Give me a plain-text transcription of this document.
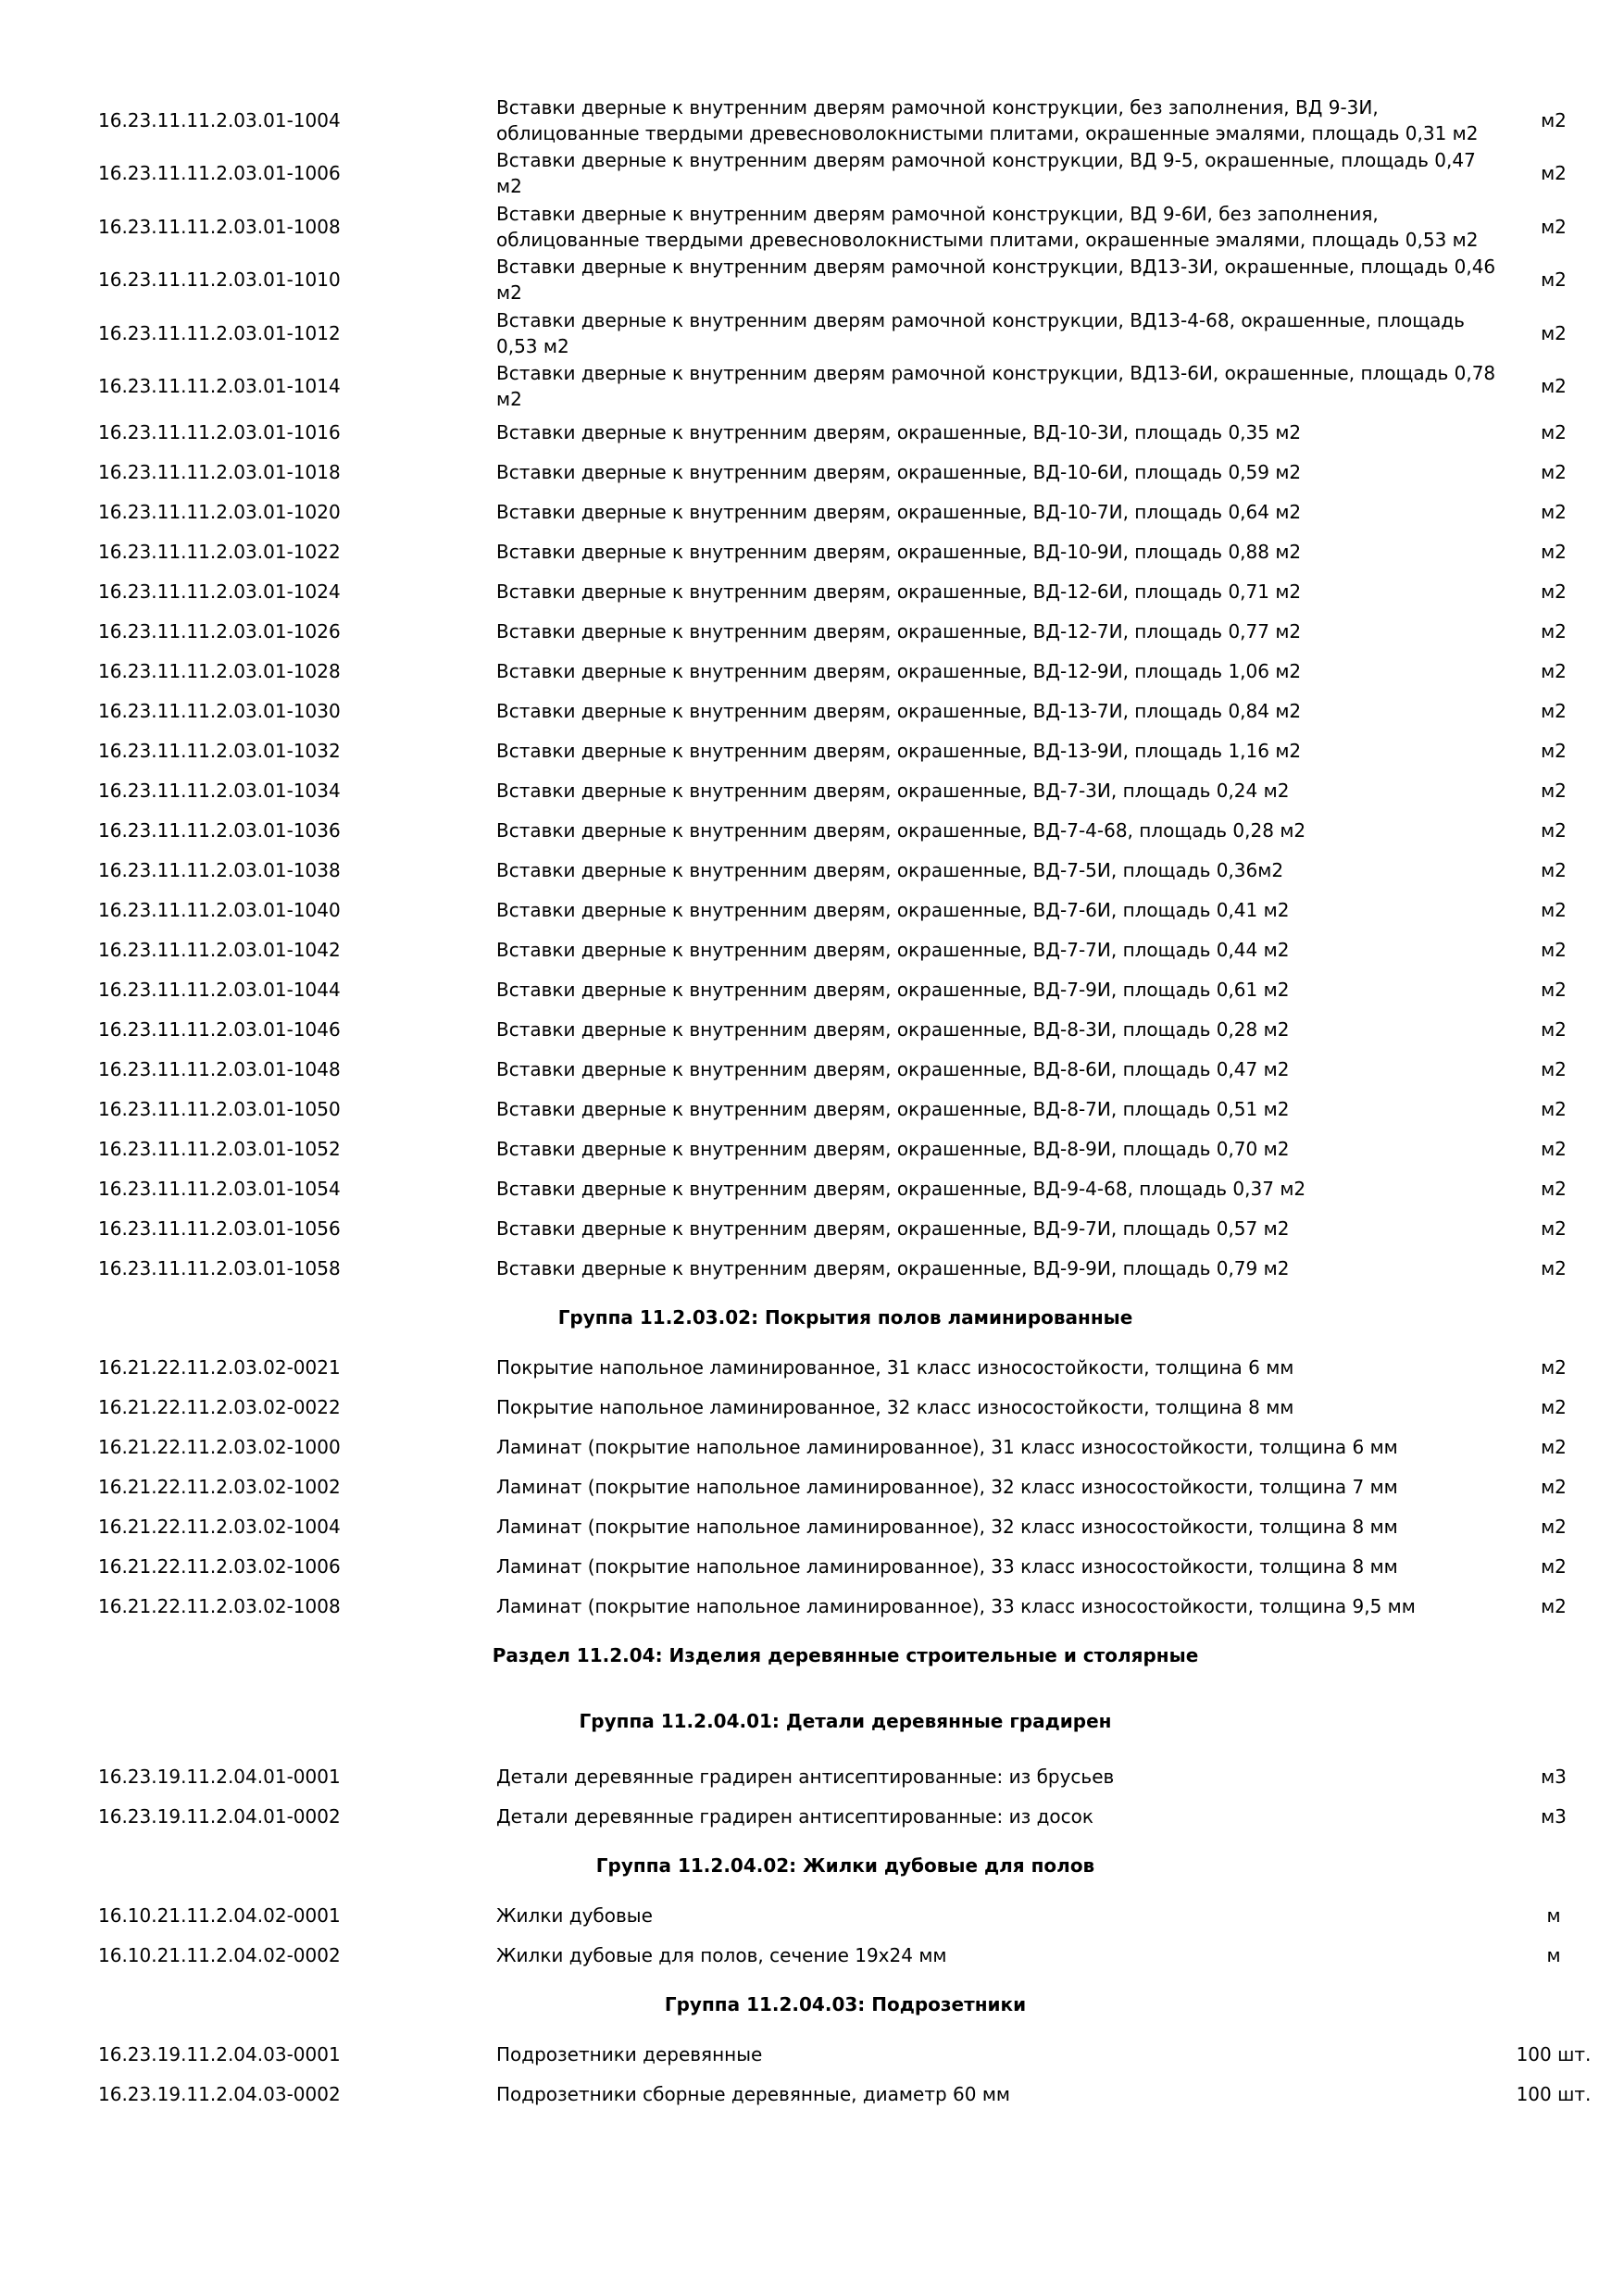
16.23.11.11.2.03.01-1004	Вставки дверные к внутренним дверям рамочной конструкции, без заполнения, ВД 9-3И, облицованные твердыми древесноволокнистыми плитами, окрашенные эмалями, площадь 0,31 м2	м2
16.23.11.11.2.03.01-1006	Вставки дверные к внутренним дверям рамочной конструкции, ВД 9-5, окрашенные, площадь 0,47 м2	м2
16.23.11.11.2.03.01-1008	Вставки дверные к внутренним дверям рамочной конструкции, ВД 9-6И, без заполнения, облицованные твердыми древесноволокнистыми плитами, окрашенные эмалями, площадь 0,53 м2	м2
16.23.11.11.2.03.01-1010	Вставки дверные к внутренним дверям рамочной конструкции, ВД13-3И, окрашенные, площадь 0,46 м2	м2
16.23.11.11.2.03.01-1012	Вставки дверные к внутренним дверям рамочной конструкции, ВД13-4-68, окрашенные, площадь 0,53 м2	м2
16.23.11.11.2.03.01-1014	Вставки дверные к внутренним дверям рамочной конструкции, ВД13-6И, окрашенные, площадь 0,78 м2	м2
16.23.11.11.2.03.01-1016	Вставки дверные к внутренним дверям, окрашенные, ВД-10-3И, площадь 0,35 м2	м2
16.23.11.11.2.03.01-1018	Вставки дверные к внутренним дверям, окрашенные, ВД-10-6И, площадь 0,59 м2	м2
16.23.11.11.2.03.01-1020	Вставки дверные к внутренним дверям, окрашенные, ВД-10-7И, площадь 0,64 м2	м2
16.23.11.11.2.03.01-1022	Вставки дверные к внутренним дверям, окрашенные, ВД-10-9И, площадь 0,88 м2	м2
16.23.11.11.2.03.01-1024	Вставки дверные к внутренним дверям, окрашенные, ВД-12-6И, площадь 0,71 м2	м2
16.23.11.11.2.03.01-1026	Вставки дверные к внутренним дверям, окрашенные, ВД-12-7И, площадь 0,77 м2	м2
16.23.11.11.2.03.01-1028	Вставки дверные к внутренним дверям, окрашенные, ВД-12-9И, площадь 1,06 м2	м2
16.23.11.11.2.03.01-1030	Вставки дверные к внутренним дверям, окрашенные, ВД-13-7И, площадь 0,84 м2	м2
16.23.11.11.2.03.01-1032	Вставки дверные к внутренним дверям, окрашенные, ВД-13-9И, площадь 1,16 м2	м2
16.23.11.11.2.03.01-1034	Вставки дверные к внутренним дверям, окрашенные, ВД-7-3И, площадь 0,24 м2	м2
16.23.11.11.2.03.01-1036	Вставки дверные к внутренним дверям, окрашенные, ВД-7-4-68, площадь 0,28 м2	м2
16.23.11.11.2.03.01-1038	Вставки дверные к внутренним дверям, окрашенные, ВД-7-5И, площадь 0,36м2	м2
16.23.11.11.2.03.01-1040	Вставки дверные к внутренним дверям, окрашенные, ВД-7-6И, площадь 0,41 м2	м2
16.23.11.11.2.03.01-1042	Вставки дверные к внутренним дверям, окрашенные, ВД-7-7И, площадь 0,44 м2	м2
16.23.11.11.2.03.01-1044	Вставки дверные к внутренним дверям, окрашенные, ВД-7-9И, площадь 0,61 м2	м2
16.23.11.11.2.03.01-1046	Вставки дверные к внутренним дверям, окрашенные, ВД-8-3И, площадь 0,28 м2	м2
16.23.11.11.2.03.01-1048	Вставки дверные к внутренним дверям, окрашенные, ВД-8-6И, площадь 0,47 м2	м2
16.23.11.11.2.03.01-1050	Вставки дверные к внутренним дверям, окрашенные, ВД-8-7И, площадь 0,51 м2	м2
16.23.11.11.2.03.01-1052	Вставки дверные к внутренним дверям, окрашенные, ВД-8-9И, площадь 0,70 м2	м2
16.23.11.11.2.03.01-1054	Вставки дверные к внутренним дверям, окрашенные, ВД-9-4-68, площадь 0,37 м2	м2
16.23.11.11.2.03.01-1056	Вставки дверные к внутренним дверям, окрашенные, ВД-9-7И, площадь 0,57 м2	м2
16.23.11.11.2.03.01-1058	Вставки дверные к внутренним дверям, окрашенные, ВД-9-9И, площадь 0,79 м2	м2
Группа 11.2.03.02: Покрытия полов ламинированные		
16.21.22.11.2.03.02-0021	Покрытие напольное ламинированное, 31 класс износостойкости, толщина 6 мм	м2
16.21.22.11.2.03.02-0022	Покрытие напольное ламинированное, 32 класс износостойкости, толщина 8 мм	м2
16.21.22.11.2.03.02-1000	Ламинат (покрытие напольное ламинированное), 31 класс износостойкости, толщина 6 мм	м2
16.21.22.11.2.03.02-1002	Ламинат (покрытие напольное ламинированное), 32 класс износостойкости, толщина 7 мм	м2
16.21.22.11.2.03.02-1004	Ламинат (покрытие напольное ламинированное), 32 класс износостойкости, толщина 8 мм	м2
16.21.22.11.2.03.02-1006	Ламинат (покрытие напольное ламинированное), 33 класс износостойкости, толщина 8 мм	м2
16.21.22.11.2.03.02-1008	Ламинат (покрытие напольное ламинированное), 33 класс износостойкости, толщина 9,5 мм	м2
Раздел 11.2.04: Изделия деревянные строительные и столярные		
Группа 11.2.04.01: Детали деревянные градирен		
16.23.19.11.2.04.01-0001	Детали деревянные градирен антисептированные: из брусьев	м3
16.23.19.11.2.04.01-0002	Детали деревянные градирен антисептированные: из досок	м3
Группа 11.2.04.02: Жилки дубовые для полов		
16.10.21.11.2.04.02-0001	Жилки дубовые	м
16.10.21.11.2.04.02-0002	Жилки дубовые для полов, сечение 19х24 мм	м
Группа 11.2.04.03: Подрозетники		
16.23.19.11.2.04.03-0001	Подрозетники деревянные	100 шт.
16.23.19.11.2.04.03-0002	Подрозетники сборные деревянные, диаметр 60 мм	100 шт.
